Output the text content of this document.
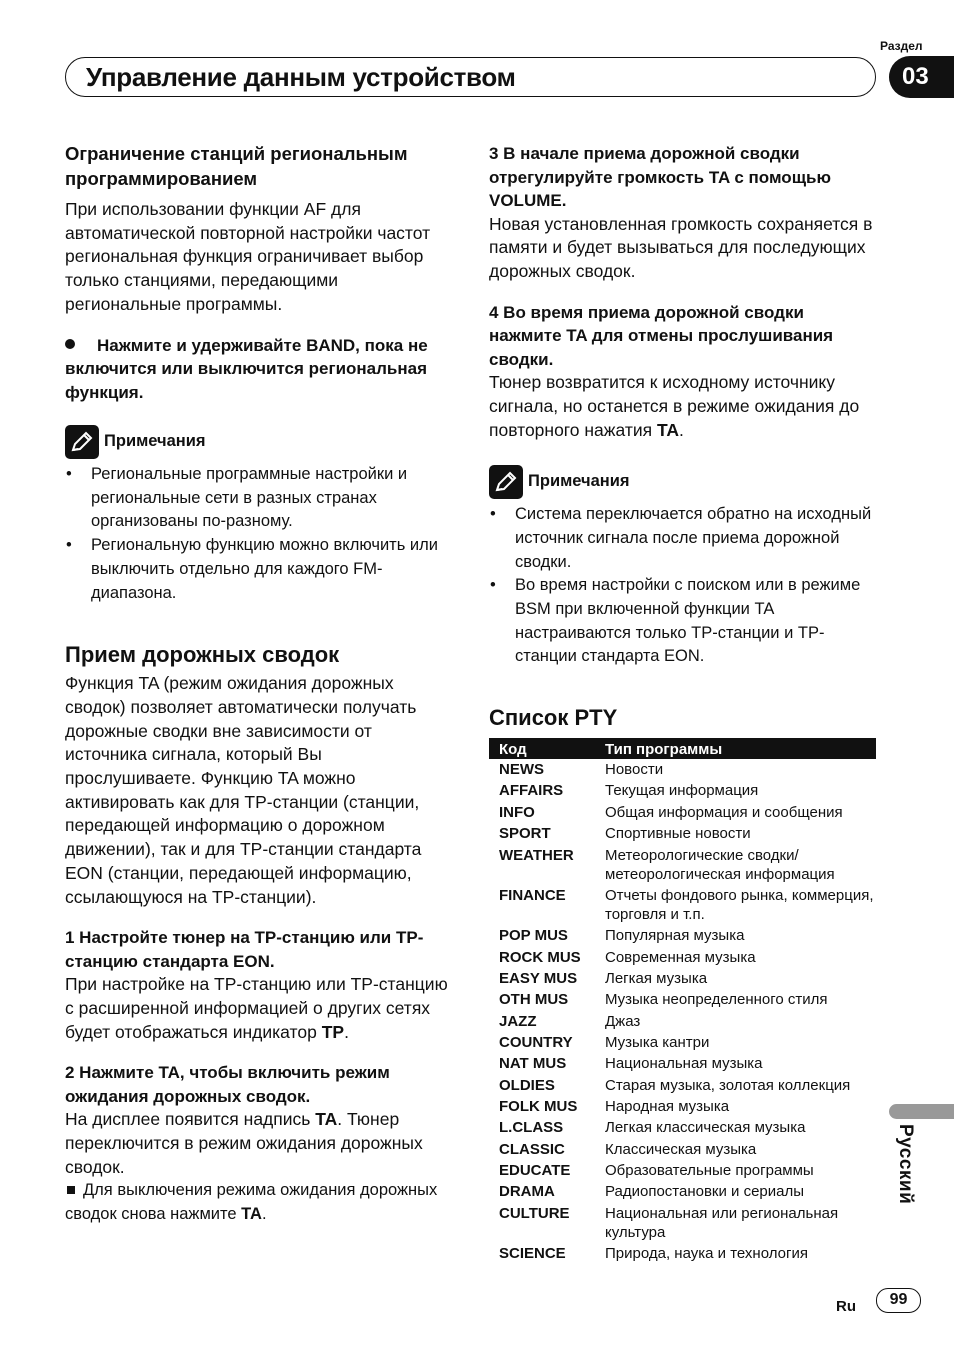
Раздел
Управление данным устройством	03
Ограничение станций региональным программированием
При использовании функции AF для автоматической повторной настройки частот региональная функция ограничивает выбор только станциями, передающими региональные программы.
Нажмите и удерживайте BAND, пока не включится или выключится региональная функция.
Примечания
• Региональные программные настройки и региональные сети в разных странах организованы по-разному.
• Региональную функцию можно включить или выключить отдельно для каждого FM-диапазона.
Прием дорожных сводок
Функция TA (режим ожидания дорожных сводок) позволяет автоматически получать дорожные сводки вне зависимости от источника сигнала, который Вы прослушиваете. Функцию TA можно активировать как для TP-станции (станции, передающей информацию о дорожном движении), так и для TP-станции стандарта EON (станции, передающей информацию, ссылающуюся на TP-станции).
1 Настройте тюнер на TP-станцию или TP-станцию стандарта EON.
При настройке на TP-станцию или TP-станцию с расширенной информацией о других сетях будет отображаться индикатор TP.
2 Нажмите TA, чтобы включить режим ожидания дорожных сводок.
На дисплее появится надпись TA. Тюнер переключится в режим ожидания дорожных сводок.
Для выключения режима ожидания дорожных сводок снова нажмите TA.
3 В начале приема дорожной сводки отрегулируйте громкость TA с помощью VOLUME.
Новая установленная громкость сохраняется в памяти и будет вызываться для последующих дорожных сводок.
4 Во время приема дорожной сводки нажмите TA для отмены прослушивания сводки.
Тюнер возвратится к исходному источнику сигнала, но останется в режиме ожидания до повторного нажатия TA.
Примечания
• Система переключается обратно на исходный источник сигнала после приема дорожной сводки.
• Во время настройки с поиском или в режиме BSM при включенной функции TA настраиваются только TP-станции и TP-станции стандарта EON.
Список PTY
Код	Тип программы
NEWS	Новости
AFFAIRS	Текущая информация
INFO	Общая информация и сообщения
SPORT	Спортивные новости
WEATHER	Метеорологические сводки/ метеорологическая информация
FINANCE	Отчеты фондового рынка, коммерция, торговля и т.п.
POP MUS	Популярная музыка
ROCK MUS	Современная музыка
EASY MUS	Легкая музыка
OTH MUS	Музыка неопределенного стиля
JAZZ	Джаз
COUNTRY	Музыка кантри
NAT MUS	Национальная музыка
OLDIES	Старая музыка, золотая коллекция
FOLK MUS	Народная музыка
L.CLASS	Легкая классическая музыка
CLASSIC	Классическая музыка
EDUCATE	Образовательные программы
DRAMA	Радиопостановки и сериалы
CULTURE	Национальная или региональная культура
SCIENCE	Природа, наука и технология
Русский
Ru	99
